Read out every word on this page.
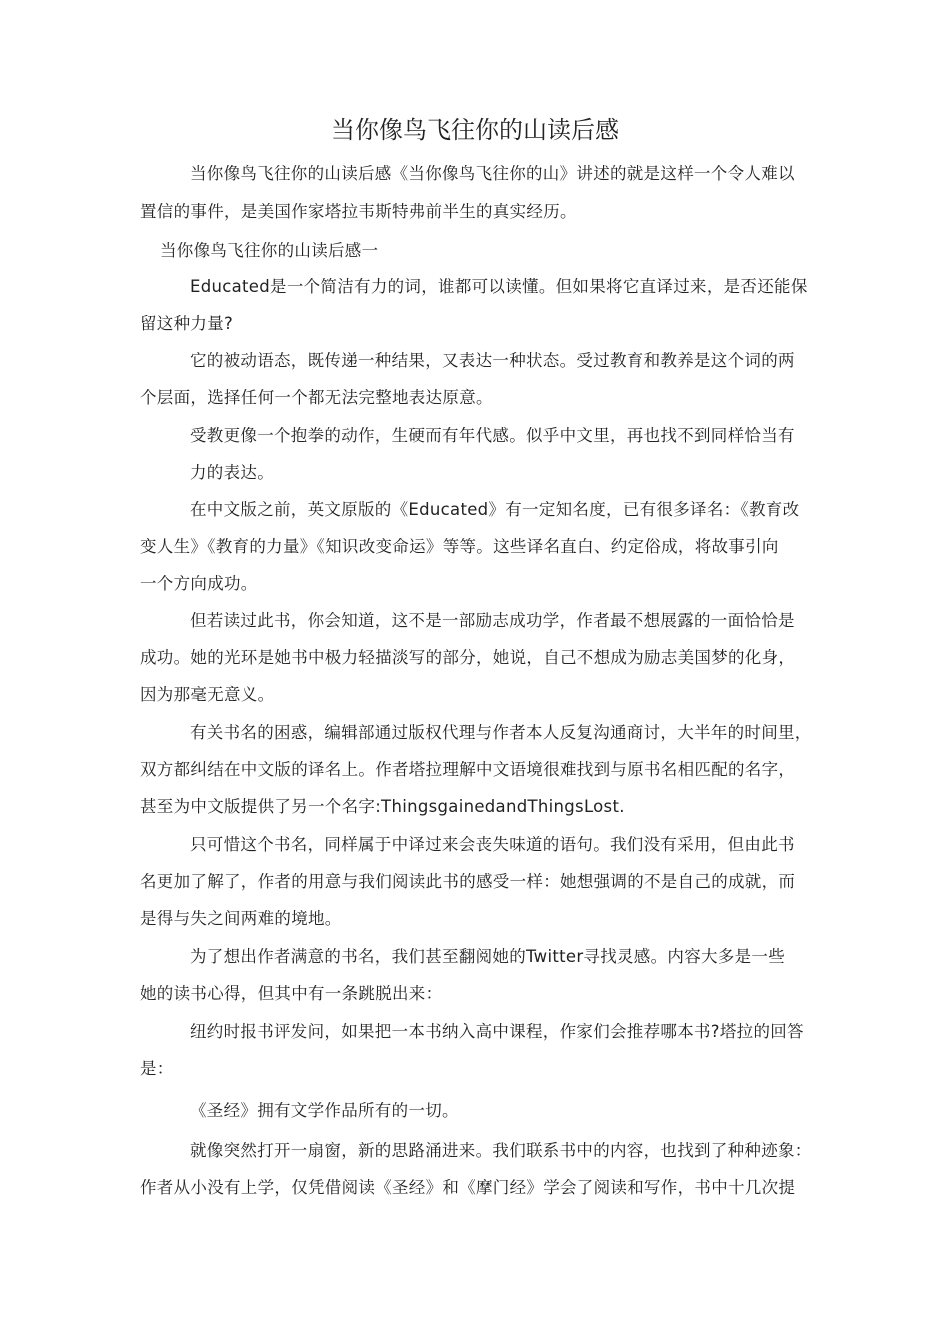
当你像鸟飞往你的山读后感
当你像鸟飞往你的山读后感《当你像鸟飞往你的山》讲述的就是这样一个令人难以
置信的事件，是美国作家塔拉韦斯特弗前半生的真实经历。
当你像鸟飞往你的山读后感一
Educated是一个简洁有力的词，谁都可以读懂。但如果将它直译过来，是否还能保
留这种力量?
它的被动语态，既传递一种结果，又表达一种状态。受过教育和教养是这个词的两
个层面，选择任何一个都无法完整地表达原意。
受教更像一个抱拳的动作，生硬而有年代感。似乎中文里，再也找不到同样恰当有
力的表达。
在中文版之前，英文原版的《Educated》有一定知名度，已有很多译名：《教育改
变人生》《教育的力量》《知识改变命运》等等。这些译名直白、约定俗成，将故事引向
一个方向成功。
但若读过此书，你会知道，这不是一部励志成功学，作者最不想展露的一面恰恰是
成功。她的光环是她书中极力轻描淡写的部分，她说，自己不想成为励志美国梦的化身，
因为那毫无意义。
有关书名的困惑，编辑部通过版权代理与作者本人反复沟通商讨，大半年的时间里，
双方都纠结在中文版的译名上。作者塔拉理解中文语境很难找到与原书名相匹配的名字，
甚至为中文版提供了另一个名字:ThingsgainedandThingsLost.
只可惜这个书名，同样属于中译过来会丧失味道的语句。我们没有采用，但由此书
名更加了解了，作者的用意与我们阅读此书的感受一样：她想强调的不是自己的成就，而
是得与失之间两难的境地。
为了想出作者满意的书名，我们甚至翻阅她的Twitter寻找灵感。内容大多是一些
她的读书心得，但其中有一条跳脱出来：
纽约时报书评发问，如果把一本书纳入高中课程，作家们会推荐哪本书?塔拉的回答
是：
《圣经》拥有文学作品所有的一切。
就像突然打开一扇窗，新的思路涌进来。我们联系书中的内容，也找到了种种迹象：
作者从小没有上学，仅凭借阅读《圣经》和《摩门经》学会了阅读和写作，书中十几次提
